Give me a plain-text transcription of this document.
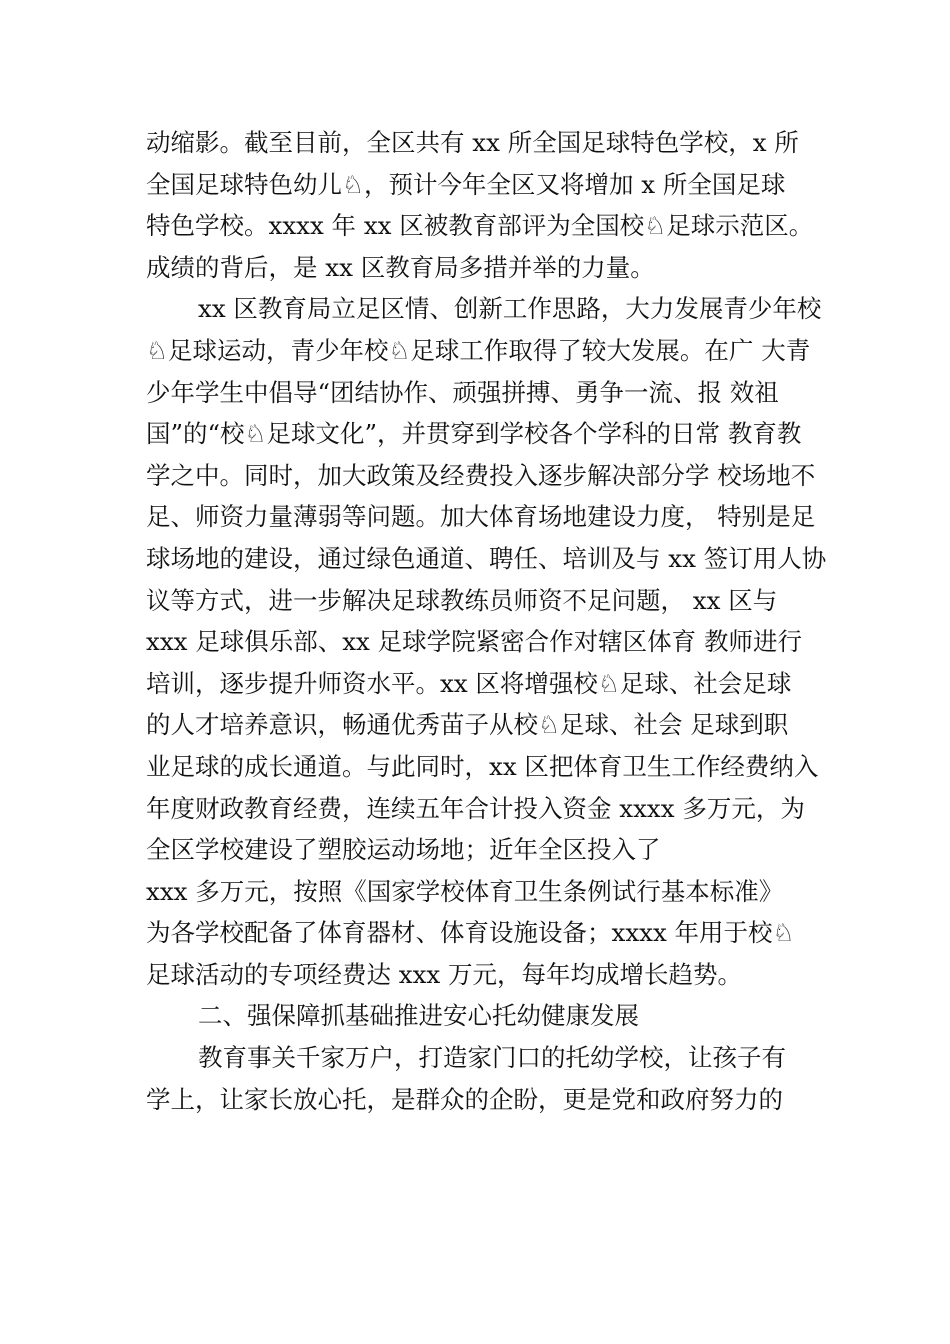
动缩影。截至目前，全区共有 xx 所全国足球特色学校，x 所
全国足球特色幼儿♘，预计今年全区又将增加 x 所全国足球
特色学校。xxxx 年 xx 区被教育部评为全国校♘足球示范区。
成绩的背后，是 xx 区教育局多措并举的力量。
xx 区教育局立足区情、创新工作思路，大力发展青少年校
♘足球运动，青少年校♘足球工作取得了较大发展。在广 大青
少年学生中倡导“团结协作、顽强拼搏、勇争一流、报 效祖
国”的“校♘足球文化”，并贯穿到学校各个学科的日常 教育教
学之中。同时，加大政策及经费投入逐步解决部分学 校场地不
足、师资力量薄弱等问题。加大体育场地建设力度， 特别是足
球场地的建设，通过绿色通道、聘任、培训及与 xx 签订用人协
议等方式，进一步解决足球教练员师资不足问题， xx 区与
xxx 足球俱乐部、xx 足球学院紧密合作对辖区体育 教师进行
培训，逐步提升师资水平。xx 区将增强校♘足球、社会足球
的人才培养意识，畅通优秀苗子从校♘足球、社会 足球到职
业足球的成长通道。与此同时，xx 区把体育卫生工作经费纳入
年度财政教育经费，连续五年合计投入资金 xxxx 多万元，为
全区学校建设了塑胶运动场地；近年全区投入了
xxx 多万元，按照《国家学校体育卫生条例试行基本标准》
为各学校配备了体育器材、体育设施设备；xxxx 年用于校♘
足球活动的专项经费达 xxx 万元，每年均成增长趋势。
二、强保障抓基础推进安心托幼健康发展
教育事关千家万户，打造家门口的托幼学校，让孩子有
学上，让家长放心托，是群众的企盼，更是党和政府努力的
